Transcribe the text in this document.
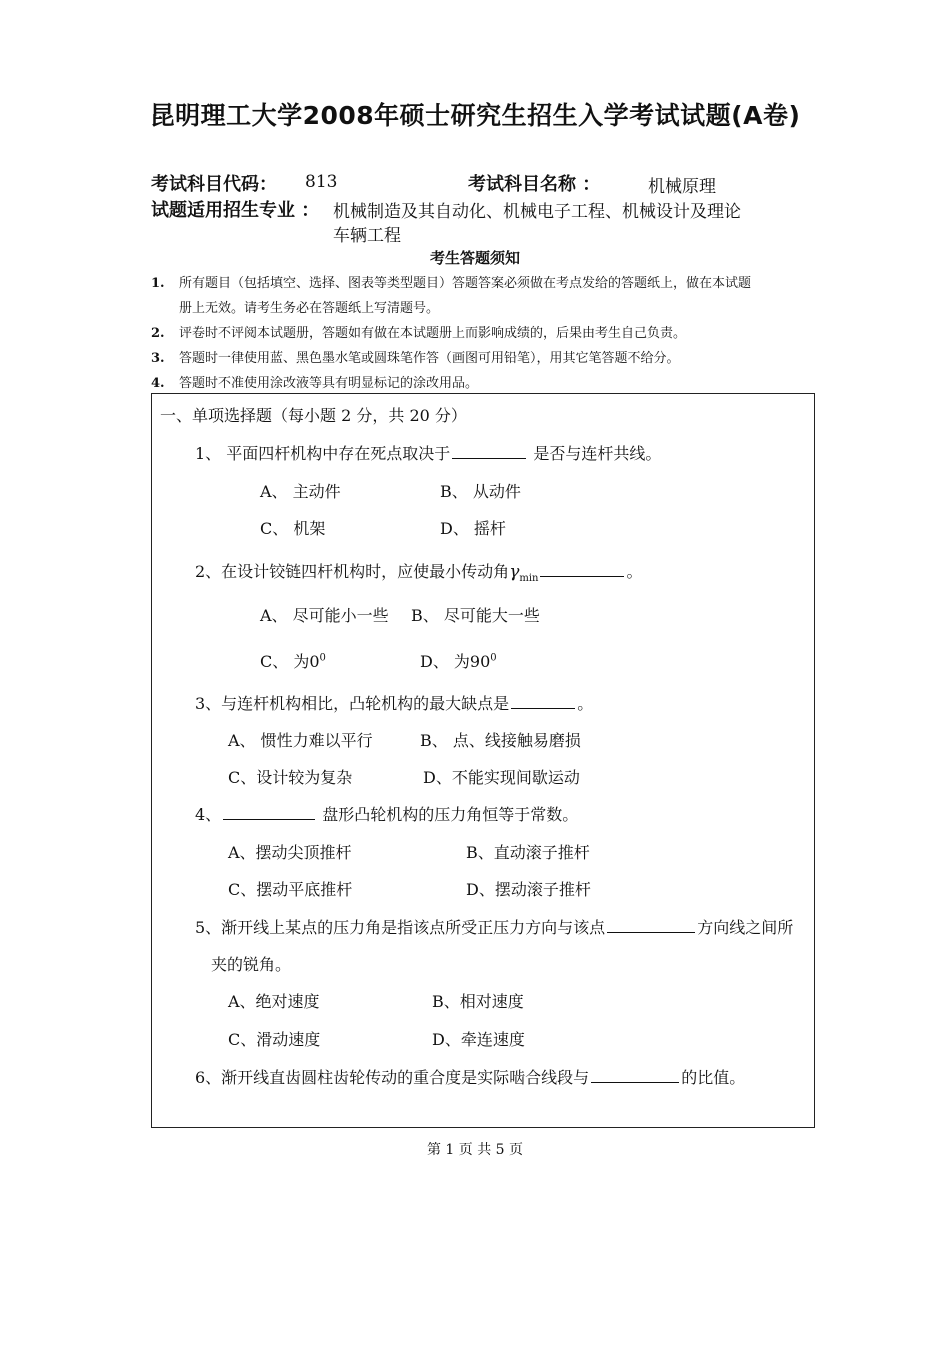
昆明理工大学2008年硕士研究生招生入学考试试题(A卷)
考试科目代码： 813	考试科目名称 ：	机械原理
试题适用招生专业 ： 机械制造及其自动化、机械电子工程、机械设计及理论
车辆工程
考生答题须知
1. 所有题目（包括填空、选择、图表等类型题目）答题答案必须做在考点发给的答题纸上，做在本试题
册上无效。请考生务必在答题纸上写清题号。
2. 评卷时不评阅本试题册，答题如有做在本试题册上而影响成绩的，后果由考生自己负责。
3. 答题时一律使用蓝、黑色墨水笔或圆珠笔作答（画图可用铅笔），用其它笔答题不给分。
4. 答题时不准使用涂改液等具有明显标记的涂改用品。
一、单项选择题（每小题 2 分，共 20 分）
1、 平面四杆机构中存在死点取决于	是否与连杆共线。
A、 主动件	B、 从动件
C、 机架	D、 摇杆
2、在设计铰链四杆机构时，应使最小传动角$\gamma_{min}$	。
A、 尽可能小一些 B、 尽可能大一些
C、 为$0^0$	D、 为$90^0$
3、与连杆机构相比，凸轮机构的最大缺点是	。
A、 惯性力难以平行	B、 点、线接触易磨损
C、设计较为复杂	D、不能实现间歇运动
4、	盘形凸轮机构的压力角恒等于常数。
A、摆动尖顶推杆	B、直动滚子推杆
C、摆动平底推杆	D、摆动滚子推杆
5、渐开线上某点的压力角是指该点所受正压力方向与该点	方向线之间所
夹的锐角。
A、绝对速度	B、相对速度
C、滑动速度	D、牵连速度
6、渐开线直齿圆柱齿轮传动的重合度是实际啮合线段与	的比值。
第 1 页 共 5 页
